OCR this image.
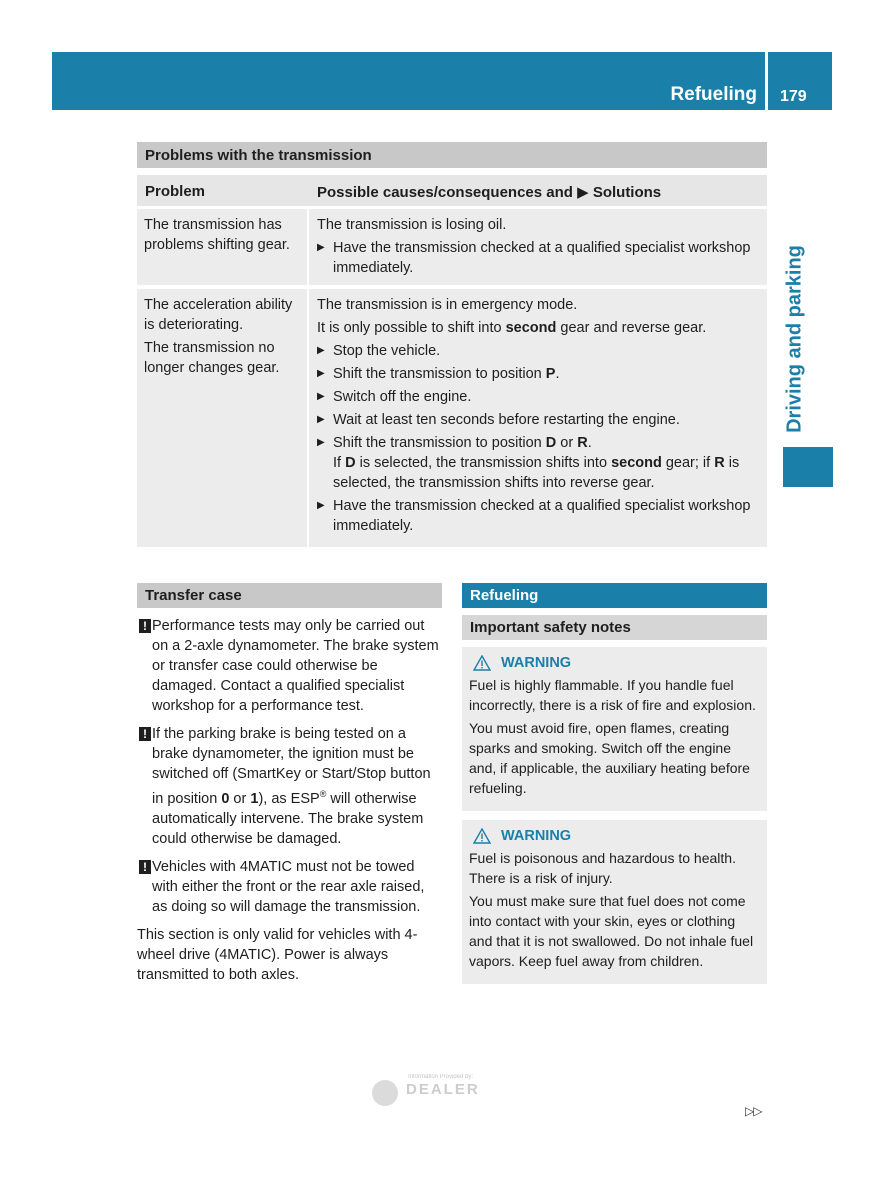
Refueling 179
Driving and parking
Problems with the transmission
Problem	Possible causes/consequences and ▶ Solutions

The transmission has problems shifting gear.

The transmission is losing oil.

▶ Have the transmission checked at a qualified specialist workshop immediately.

The acceleration ability is deteriorating.

The transmission no longer changes gear.

The transmission is in emergency mode.

It is only possible to shift into second gear and reverse gear.

▶ Stop the vehicle.
▶ Shift the transmission to position P.
▶ Switch off the engine.
▶ Wait at least ten seconds before restarting the engine.
▶ Shift the transmission to position D or R.
If D is selected, the transmission shifts into second gear; if R is selected, the transmission shifts into reverse gear.
▶ Have the transmission checked at a qualified specialist workshop immediately.
Transfer case
! Performance tests may only be carried out on a 2-axle dynamometer. The brake system or transfer case could otherwise be damaged. Contact a qualified specialist workshop for a performance test.
! If the parking brake is being tested on a brake dynamometer, the ignition must be switched off (SmartKey or Start/Stop button in position 0 or 1), as ESP® will otherwise automatically intervene. The brake system could otherwise be damaged.
! Vehicles with 4MATIC must not be towed with either the front or the rear axle raised, as doing so will damage the transmission.

This section is only valid for vehicles with 4-wheel drive (4MATIC). Power is always transmitted to both axles.

Refueling
Important safety notes
WARNING

Fuel is highly flammable. If you handle fuel incorrectly, there is a risk of fire and explosion.

You must avoid fire, open flames, creating sparks and smoking. Switch off the engine and, if applicable, the auxiliary heating before refueling.

WARNING

Fuel is poisonous and hazardous to health. There is a risk of injury.

You must make sure that fuel does not come into contact with your skin, eyes or clothing and that it is not swallowed. Do not inhale fuel vapors. Keep fuel away from children.

Information Provided by:
DEALER
▷▷
